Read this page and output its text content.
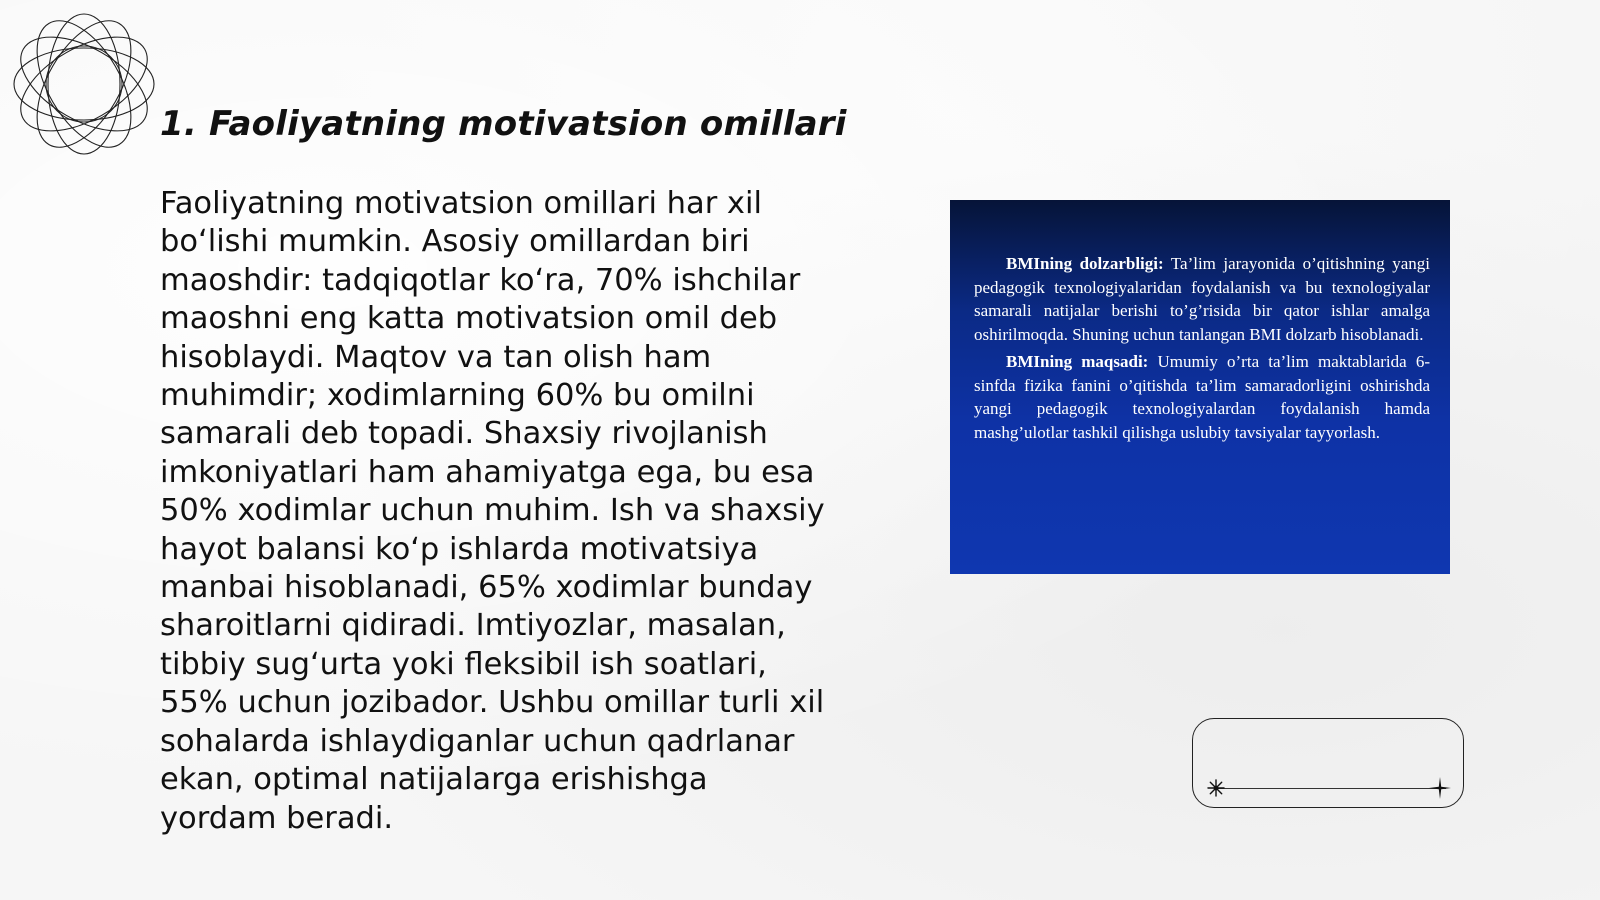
1. Faoliyatning motivatsion omillari

Faoliyatning motivatsion omillari har xil bo‘lishi mumkin. Asosiy omillardan biri maoshdir: tadqiqotlar ko‘ra, 70% ishchilar maoshni eng katta motivatsion omil deb hisoblaydi. Maqtov va tan olish ham muhimdir; xodimlarning 60% bu omilni samarali deb topadi. Shaxsiy rivojlanish imkoniyatlari ham ahamiyatga ega, bu esa 50% xodimlar uchun muhim. Ish va shaxsiy hayot balansi ko‘p ishlarda motivatsiya manbai hisoblanadi, 65% xodimlar bunday sharoitlarni qidiradi. Imtiyozlar, masalan, tibbiy sug‘urta yoki fleksibil ish soatlari, 55% uchun jozibador. Ushbu omillar turli xil sohalarda ishlaydiganlar uchun qadrlanar ekan, optimal natijalarga erishishga yordam beradi.

BMIning dolzarbligi: Ta’lim jarayonida o’qitishning yangi pedagogik texnologiyalaridan foydalanish va bu texnologiyalar samarali natijalar berishi to’g’risida bir qator ishlar amalga oshirilmoqda. Shuning uchun tanlangan BMI dolzarb hisoblanadi.

BMIning maqsadi: Umumiy o’rta ta’lim maktablarida 6-sinfda fizika fanini o’qitishda ta’lim samaradorligini oshirishda yangi pedagogik texnologiyalardan foydalanish hamda mashg’ulotlar tashkil qilishga uslubiy tavsiyalar tayyorlash.
